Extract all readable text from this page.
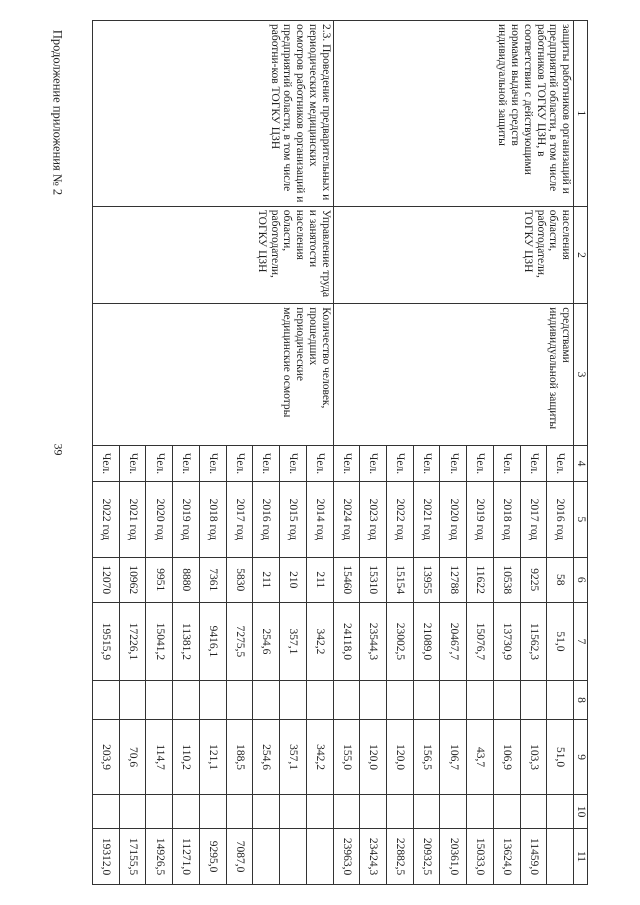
39
Продолжение приложения № 2	1	2	3	4	5	6	7	8	9	10	11
защиты работников организаций и предприятий области, в том числе работников ТОГКУ ЦЗН, в соответствии с действующими нормами выдачи средств индивидуальной защиты	населения области, работодатели, ТОГКУ ЦЗН	средствами индивидуальной защиты	Чел.	2016 год	58	51,0		51,0		
			Чел.	2017 год	9225	11562,3		103,3		11459,0
			Чел.	2018 год	10538	13730,9		106,9		13624,0
			Чел.	2019 год	11622	15076,7		43,7		15033,0
			Чел.	2020 год	12788	20467,7		106,7		20361,0
			Чел.	2021 год	13955	21089,0		156,5		20932,5
			Чел.	2022 год	15154	23002,5		120,0		22882,5
			Чел.	2023 год	15310	23544,3		120,0		23424,3
			Чел.	2024 год	15460	24118,0		155,0		23963,0
2.3. Проведение предварительных и периодических медицинских осмотров работников организаций и предприятий области, в том числе работни-ков ТОГКУ ЦЗН	Управление труда и занятости населения области, работодатели, ТОГКУ ЦЗН	Количество человек, прошедших периодические медицинские осмотры	Чел.	2014 год	211	342,2		342,2		
			Чел.	2015 год	210	357,1		357,1		
			Чел.	2016 год	211	254,6		254,6		
			Чел.	2017 год	5830	7275,5		188,5		7087,0
			Чел.	2018 год	7361	9416,1		121,1		9295,0
			Чел.	2019 год	8880	11381,2		110,2		11271,0
			Чел.	2020 год	9951	15041,2		114,7		14926,5
			Чел.	2021 год	10962	17226,1		70,6		17155,5
			Чел.	2022 год	12070	19515,9		203,9		19312,0
